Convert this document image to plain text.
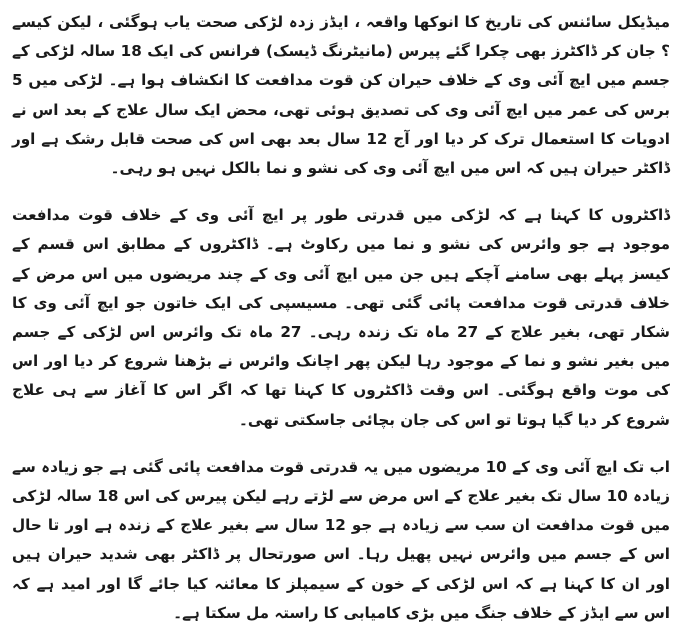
میڈیکل سائنس کی تاریخ کا انوکھا واقعہ ، ایڈز زدہ لڑکی صحت یاب ہوگئی ، لیکن کیسے ؟ جان کر ڈاکٹرز بھی چکرا گئے پیرس (مانیٹرنگ ڈیسک) فرانس کی ایک 18 سالہ لڑکی کے جسم میں ایچ آئی وی کے خلاف حیران کن قوت مدافعت کا انکشاف ہوا ہے۔ لڑکی میں 5 برس کی عمر میں ایچ آئی وی کی تصدیق ہوئی تھی، محض ایک سال علاج کے بعد اس نے ادویات کا استعمال ترک کر دیا اور آج 12 سال بعد بھی اس کی صحت قابل رشک ہے اور ڈاکٹر حیران ہیں کہ اس میں ایچ آئی وی کی نشو و نما بالکل نہیں ہو رہی۔

ڈاکٹروں کا کہنا ہے کہ لڑکی میں قدرتی طور پر ایچ آئی وی کے خلاف قوت مدافعت موجود ہے جو وائرس کی نشو و نما میں رکاوٹ ہے۔ ڈاکٹروں کے مطابق اس قسم کے کیسز پہلے بھی سامنے آچکے ہیں جن میں ایچ آئی وی کے چند مریضوں میں اس مرض کے خلاف قدرتی قوت مدافعت پائی گئی تھی۔ مسیسپی کی ایک خاتون جو ایچ آئی وی کا شکار تھی، بغیر علاج کے 27 ماہ تک زندہ رہی۔ 27 ماہ تک وائرس اس لڑکی کے جسم میں بغیر نشو و نما کے موجود رہا لیکن پھر اچانک وائرس نے بڑھنا شروع کر دیا اور اس کی موت واقع ہوگئی۔ اس وقت ڈاکٹروں کا کہنا تھا کہ اگر اس کا آغاز سے ہی علاج شروع کر دیا گیا ہوتا تو اس کی جان بچائی جاسکتی تھی۔

اب تک ایچ آئی وی کے 10 مریضوں میں یہ قدرتی قوت مدافعت پائی گئی ہے جو زیادہ سے زیادہ 10 سال تک بغیر علاج کے اس مرض سے لڑتے رہے لیکن پیرس کی اس 18 سالہ لڑکی میں قوت مدافعت ان سب سے زیادہ ہے جو 12 سال سے بغیر علاج کے زندہ ہے اور تا حال اس کے جسم میں وائرس نہیں پھیل رہا۔ اس صورتحال پر ڈاکٹر بھی شدید حیران ہیں اور ان کا کہنا ہے کہ اس لڑکی کے خون کے سیمپلز کا معائنہ کیا جائے گا اور امید ہے کہ اس سے ایڈز کے خلاف جنگ میں بڑی کامیابی کا راستہ مل سکتا ہے۔
